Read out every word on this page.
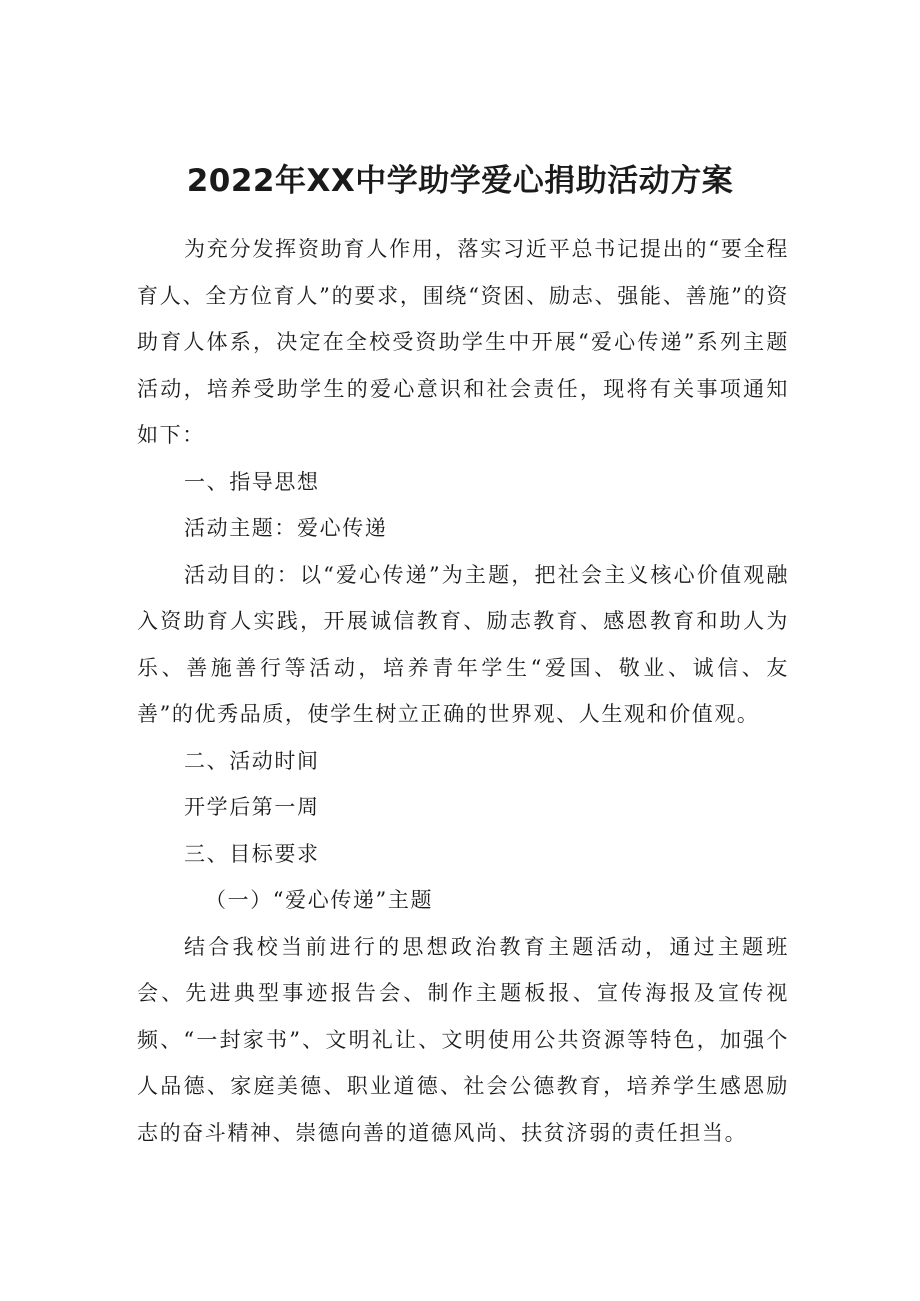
2022年XX中学助学爱心捐助活动方案

为充分发挥资助育人作用，落实习近平总书记提出的“要全程育人、全方位育人”的要求，围绕“资困、励志、强能、善施”的资助育人体系，决定在全校受资助学生中开展“爱心传递”系列主题活动，培养受助学生的爱心意识和社会责任，现将有关事项通知如下：

一、指导思想

活动主题：爱心传递

活动目的：以“爱心传递”为主题，把社会主义核心价值观融入资助育人实践，开展诚信教育、励志教育、感恩教育和助人为乐、善施善行等活动，培养青年学生“爱国、敬业、诚信、友善”的优秀品质，使学生树立正确的世界观、人生观和价值观。

二、活动时间

开学后第一周

三、目标要求

（一）“爱心传递”主题

结合我校当前进行的思想政治教育主题活动，通过主题班会、先进典型事迹报告会、制作主题板报、宣传海报及宣传视频、“一封家书”、文明礼让、文明使用公共资源等特色，加强个人品德、家庭美德、职业道德、社会公德教育，培养学生感恩励志的奋斗精神、崇德向善的道德风尚、扶贫济弱的责任担当。
